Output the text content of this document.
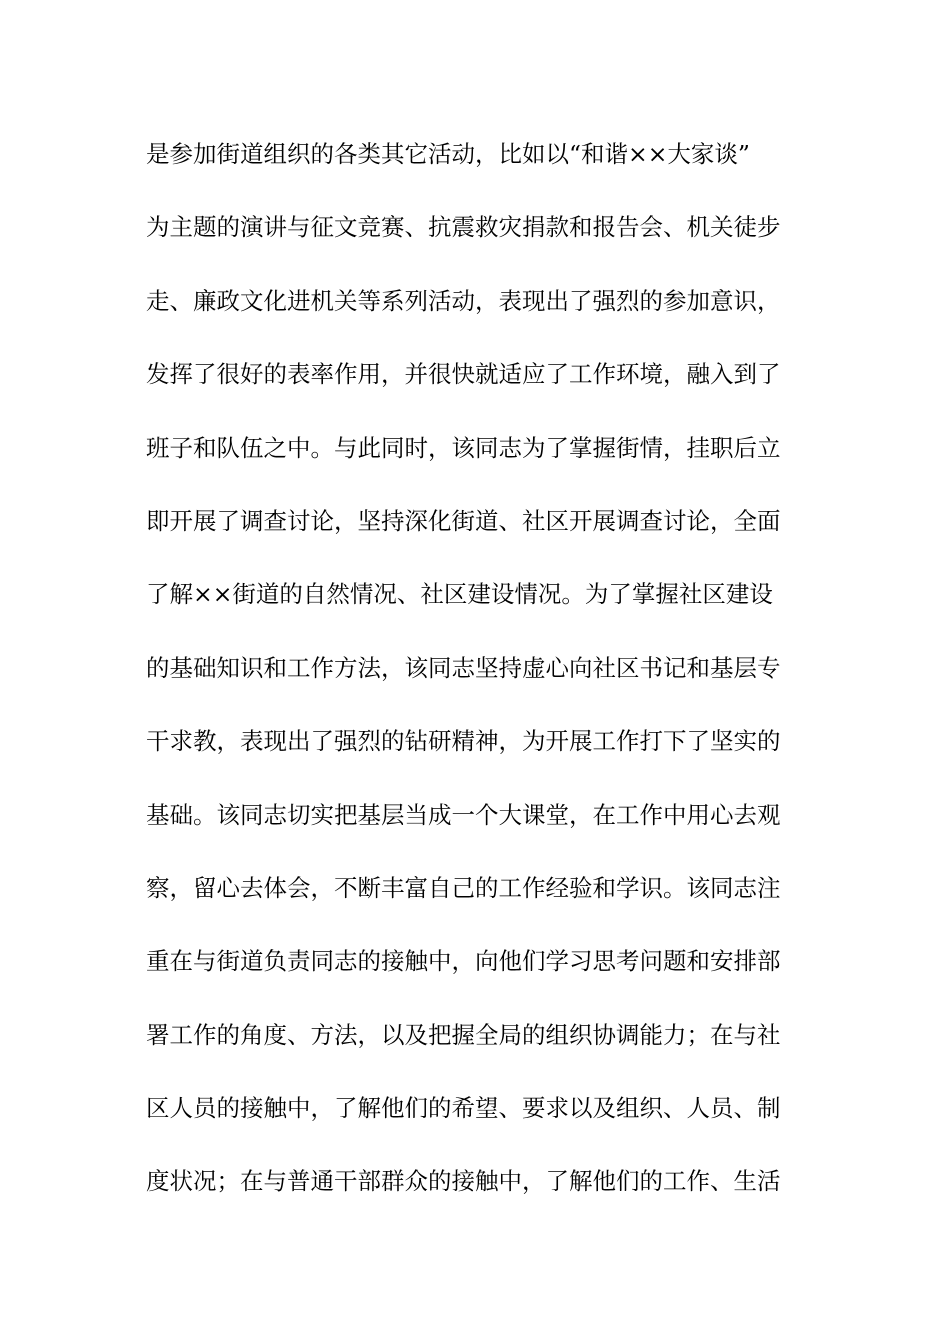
是参加街道组织的各类其它活动，比如以“和谐××大家谈”
为主题的演讲与征文竞赛、抗震救灾捐款和报告会、机关徒步
走、廉政文化进机关等系列活动，表现出了强烈的参加意识，
发挥了很好的表率作用，并很快就适应了工作环境，融入到了
班子和队伍之中。与此同时，该同志为了掌握街情，挂职后立
即开展了调查讨论，坚持深化街道、社区开展调查讨论，全面
了解××街道的自然情况、社区建设情况。为了掌握社区建设
的基础知识和工作方法，该同志坚持虚心向社区书记和基层专
干求教，表现出了强烈的钻研精神，为开展工作打下了坚实的
基础。该同志切实把基层当成一个大课堂，在工作中用心去观
察，留心去体会，不断丰富自己的工作经验和学识。该同志注
重在与街道负责同志的接触中，向他们学习思考问题和安排部
署工作的角度、方法，以及把握全局的组织协调能力；在与社
区人员的接触中，了解他们的希望、要求以及组织、人员、制
度状况；在与普通干部群众的接触中，了解他们的工作、生活
